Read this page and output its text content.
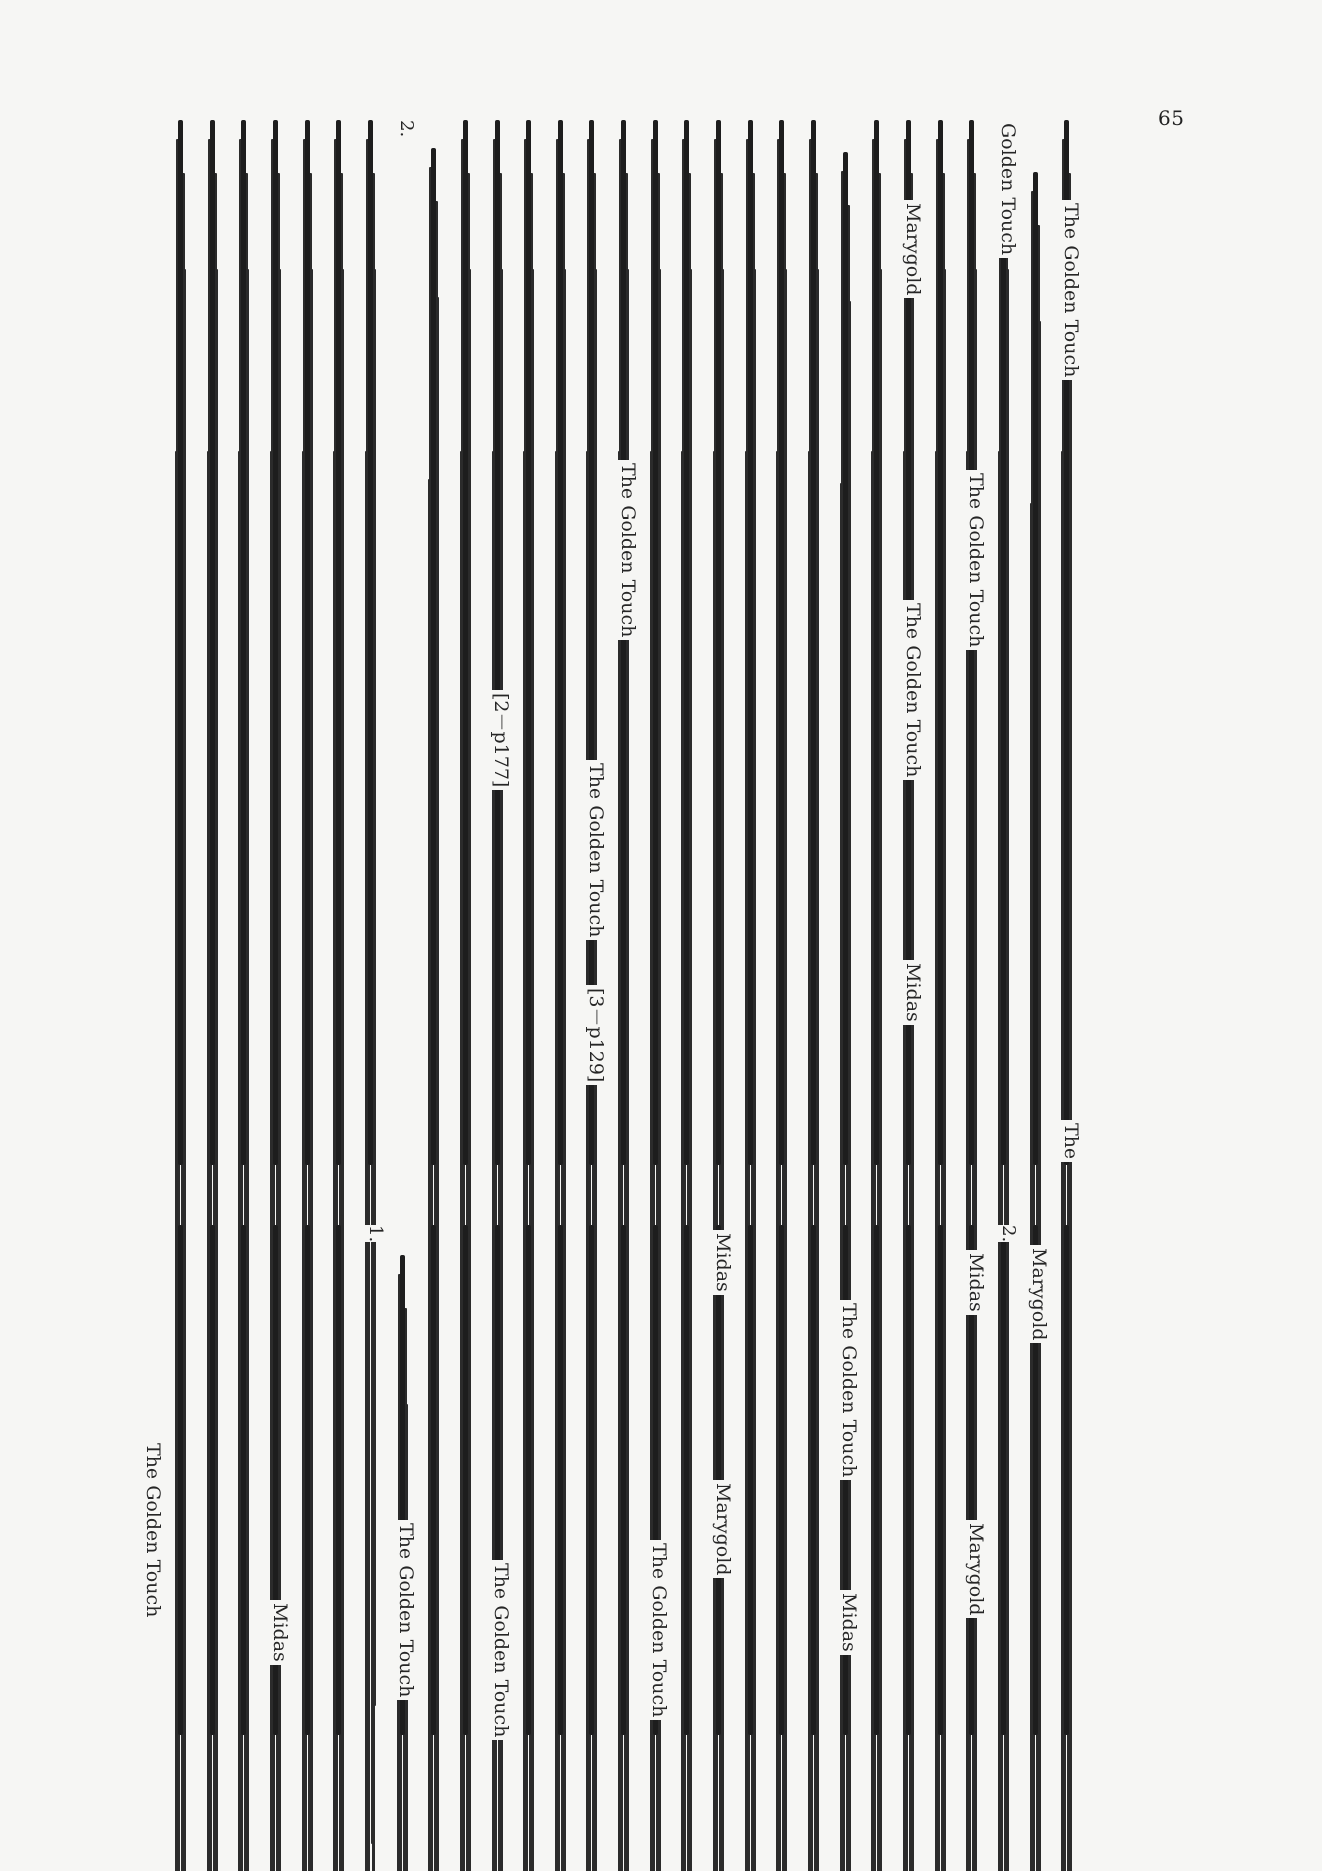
65
The Golden Touch
The
Golden Touch
The Golden Touch
Marygold
The Golden Touch
Midas
The Golden Touch
[3－p129]
The Golden Touch
[2－p177]
Marygold
Midas
Marygold
The Golden Touch
Midas
Midas
Marygold
The Golden Touch
The Golden Touch
The Golden Touch
Midas
The Golden Touch
2.
2.
1.
